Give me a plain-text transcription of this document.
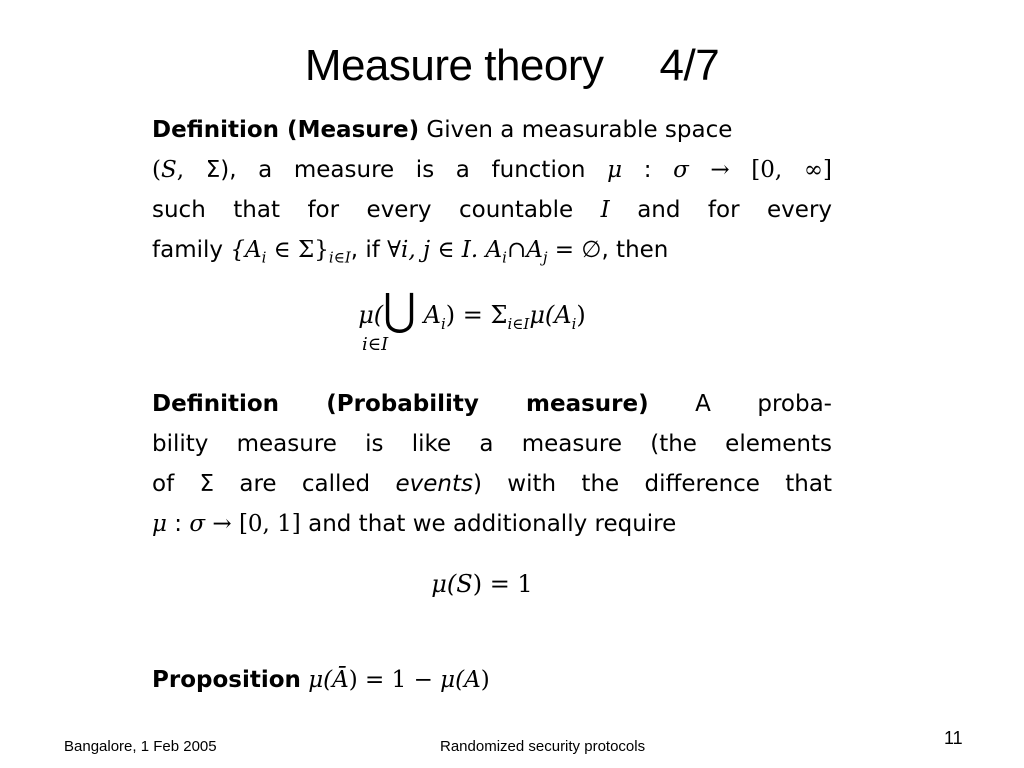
Measure theory 4/7
Definition (Measure) Given a measurable space
(S, Σ), a measure is a function μ : σ → [0, ∞]
such that for every countable I and for every
family {$A_i$ ∈ $\Sigma\}_{i\in I}$, if ∀i, j ∈ I. $A_i\cap A_j$ = ∅, then
μ(⋃ $A_i) = \Sigma_{i\in I}\mu(A_i)$
i∈I
Definition (Probability measure) A proba-
bility measure is like a measure (the elements
of Σ are called events) with the difference that
μ : σ → [0, 1] and that we additionally require
μ(S) = 1
Proposition μ(Ā) = 1 − μ(A)
Bangalore, 1 Feb 2005	Randomized security protocols	11
